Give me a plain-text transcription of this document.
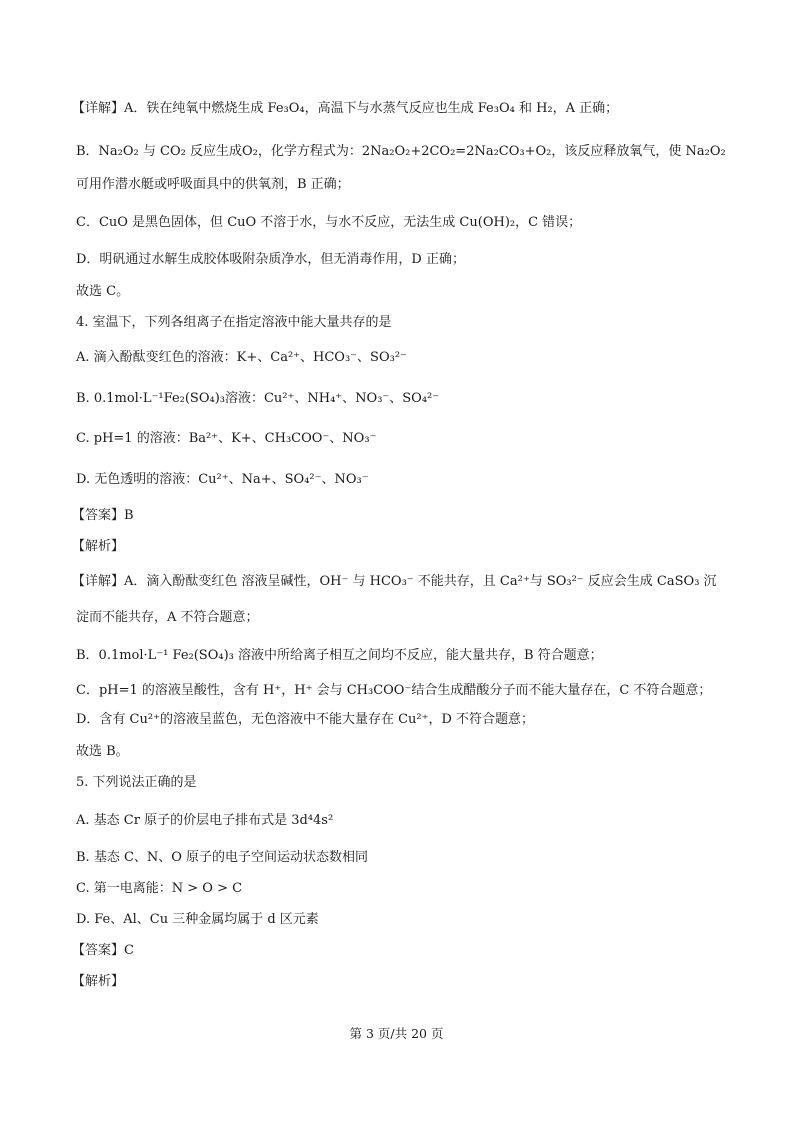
【详解】A．铁在纯氧中燃烧生成 Fe₃O₄，高温下与水蒸气反应也生成 Fe₃O₄ 和 H₂，A 正确；
B．Na₂O₂ 与 CO₂ 反应生成O₂，化学方程式为：2Na₂O₂+2CO₂=2Na₂CO₃+O₂，该反应释放氧气，使 Na₂O₂
可用作潜水艇或呼吸面具中的供氧剂，B 正确；
C．CuO 是黑色固体，但 CuO 不溶于水，与水不反应，无法生成 Cu(OH)₂，C 错误；
D．明矾通过水解生成胶体吸附杂质净水，但无消毒作用，D 正确；
故选 C。
4. 室温下，下列各组离子在指定溶液中能大量共存的是
A. 滴入酚酞变红色的溶液：K+、Ca²⁺、HCO₃⁻、SO₃²⁻
B. 0.1mol·L⁻¹Fe₂(SO₄)₃溶液：Cu²⁺、NH₄⁺、NO₃⁻、SO₄²⁻
C. pH=1 的溶液：Ba²⁺、K+、CH₃COO⁻、NO₃⁻
D. 无色透明的溶液：Cu²⁺、Na+、SO₄²⁻、NO₃⁻
【答案】B
【解析】
【详解】A．滴入酚酞变红色 溶液呈碱性，OH⁻ 与 HCO₃⁻ 不能共存，且 Ca²⁺与 SO₃²⁻ 反应会生成 CaSO₃ 沉
淀而不能共存，A 不符合题意；
B．0.1mol·L⁻¹ Fe₂(SO₄)₃ 溶液中所给离子相互之间均不反应，能大量共存，B 符合题意；
C．pH=1 的溶液呈酸性，含有 H⁺，H⁺ 会与 CH₃COO⁻结合生成醋酸分子而不能大量存在，C 不符合题意；
D．含有 Cu²⁺的溶液呈蓝色，无色溶液中不能大量存在 Cu²⁺，D 不符合题意；
故选 B。
5. 下列说法正确的是
A. 基态 Cr 原子的价层电子排布式是 3d⁴4s²
B. 基态 C、N、O 原子的电子空间运动状态数相同
C. 第一电离能：N > O > C
D. Fe、Al、Cu 三种金属均属于 d 区元素
【答案】C
【解析】
第 3 页/共 20 页
